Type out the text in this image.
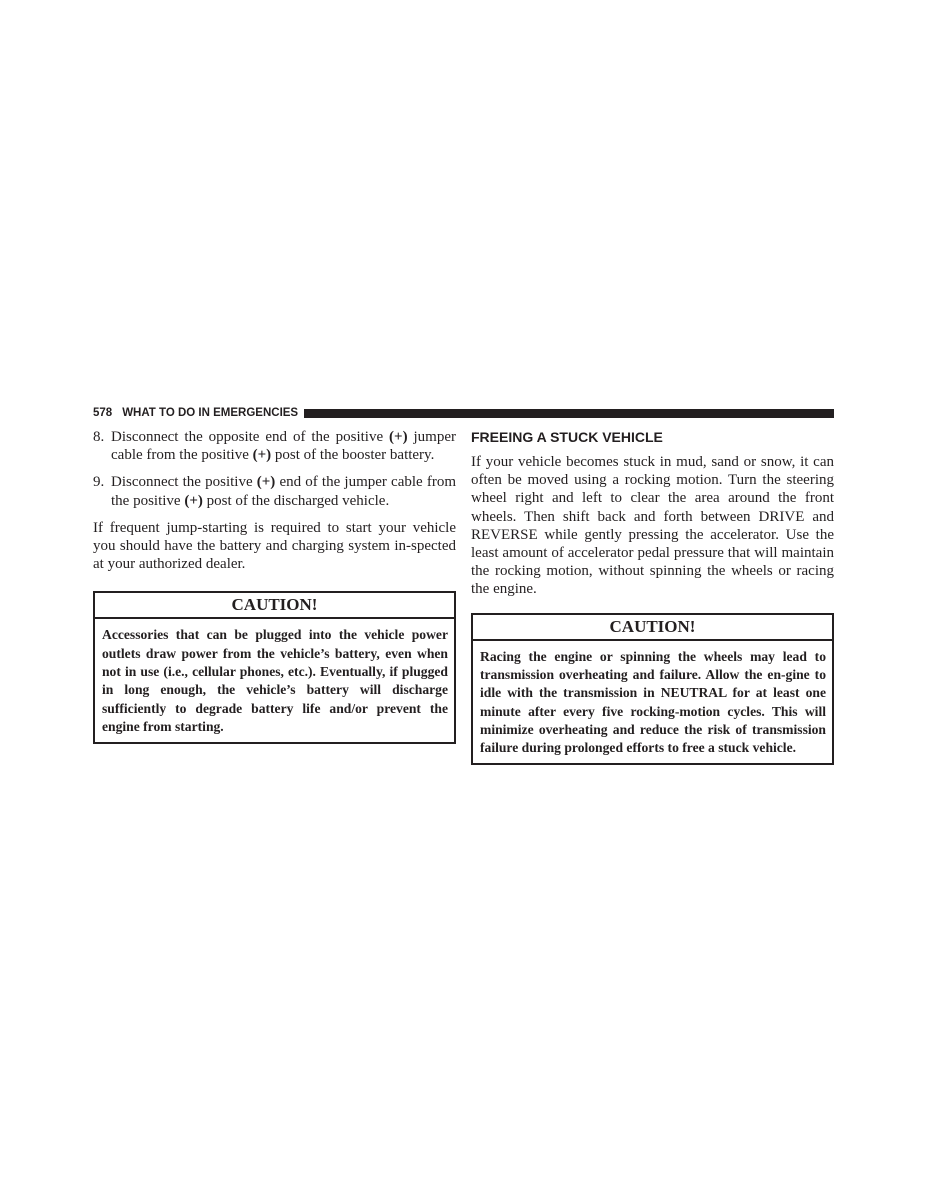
578 WHAT TO DO IN EMERGENCIES
8. Disconnect the opposite end of the positive (+) jumper cable from the positive (+) post of the booster battery.
9. Disconnect the positive (+) end of the jumper cable from the positive (+) post of the discharged vehicle.

If frequent jump-starting is required to start your vehicle you should have the battery and charging system in-spected at your authorized dealer.

CAUTION!
Accessories that can be plugged into the vehicle power outlets draw power from the vehicle’s battery, even when not in use (i.e., cellular phones, etc.). Eventually, if plugged in long enough, the vehicle’s battery will discharge sufficiently to degrade battery life and/or prevent the engine from starting.
FREEING A STUCK VEHICLE

If your vehicle becomes stuck in mud, sand or snow, it can often be moved using a rocking motion. Turn the steering wheel right and left to clear the area around the front wheels. Then shift back and forth between DRIVE and REVERSE while gently pressing the accelerator. Use the least amount of accelerator pedal pressure that will maintain the rocking motion, without spinning the wheels or racing the engine.

CAUTION!
Racing the engine or spinning the wheels may lead to transmission overheating and failure. Allow the en-gine to idle with the transmission in NEUTRAL for at least one minute after every five rocking-motion cycles. This will minimize overheating and reduce the risk of transmission failure during prolonged efforts to free a stuck vehicle.
